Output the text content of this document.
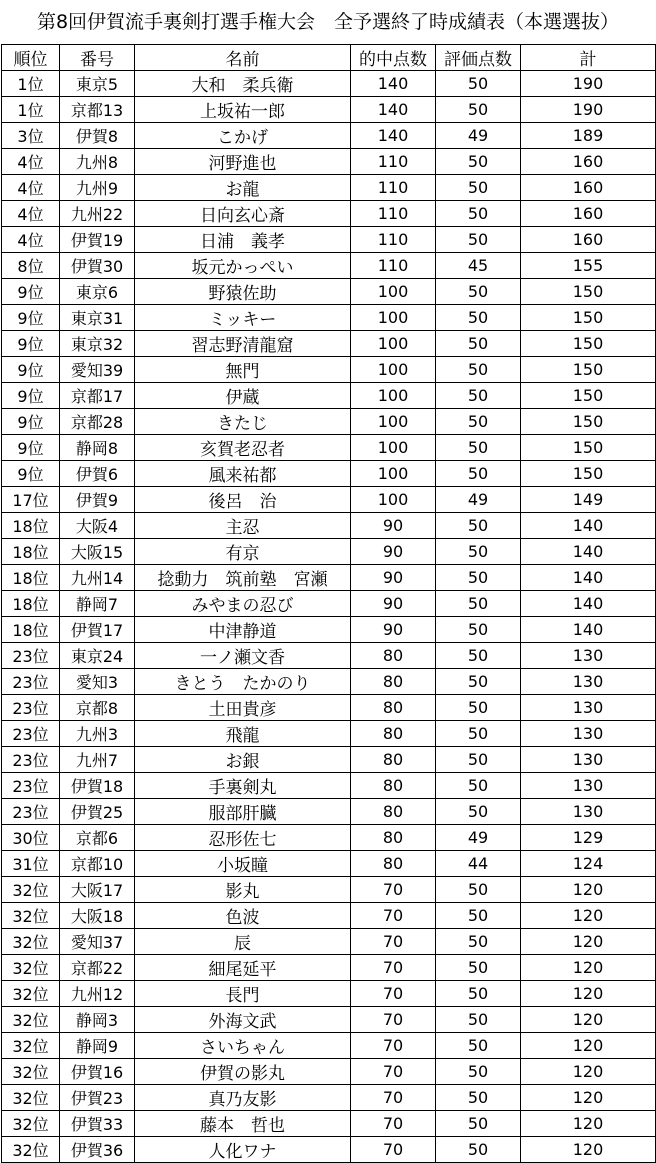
第8回伊賀流手裏剣打選手権大会　全予選終了時成績表（本選選抜）
順位	番号	名前	的中点数	評価点数	計
1位	東京5	大和　柔兵衛	140	50	190
1位	京都13	上坂祐一郎	140	50	190
3位	伊賀8	こかげ	140	49	189
4位	九州8	河野進也	110	50	160
4位	九州9	お龍	110	50	160
4位	九州22	日向玄心斎	110	50	160
4位	伊賀19	日浦　義孝	110	50	160
8位	伊賀30	坂元かっぺい	110	45	155
9位	東京6	野猿佐助	100	50	150
9位	東京31	ミッキー	100	50	150
9位	東京32	習志野清龍窟	100	50	150
9位	愛知39	無門	100	50	150
9位	京都17	伊蔵	100	50	150
9位	京都28	きたじ	100	50	150
9位	静岡8	亥賀老忍者	100	50	150
9位	伊賀6	風来祐都	100	50	150
17位	伊賀9	後呂　治	100	49	149
18位	大阪4	主忍	90	50	140
18位	大阪15	有京	90	50	140
18位	九州14	捻動力　筑前塾　宮瀬	90	50	140
18位	静岡7	みやまの忍び	90	50	140
18位	伊賀17	中津静道	90	50	140
23位	東京24	一ノ瀬文香	80	50	130
23位	愛知3	きとう　たかのり	80	50	130
23位	京都8	土田貴彦	80	50	130
23位	九州3	飛龍	80	50	130
23位	九州7	お銀	80	50	130
23位	伊賀18	手裏剣丸	80	50	130
23位	伊賀25	服部肝臓	80	50	130
30位	京都6	忍形佐七	80	49	129
31位	京都10	小坂瞳	80	44	124
32位	大阪17	影丸	70	50	120
32位	大阪18	色波	70	50	120
32位	愛知37	辰	70	50	120
32位	京都22	細尾延平	70	50	120
32位	九州12	長門	70	50	120
32位	静岡3	外海文武	70	50	120
32位	静岡9	さいちゃん	70	50	120
32位	伊賀16	伊賀の影丸	70	50	120
32位	伊賀23	真乃友影	70	50	120
32位	伊賀33	藤本　哲也	70	50	120
32位	伊賀36	人化ワナ	70	50	120
